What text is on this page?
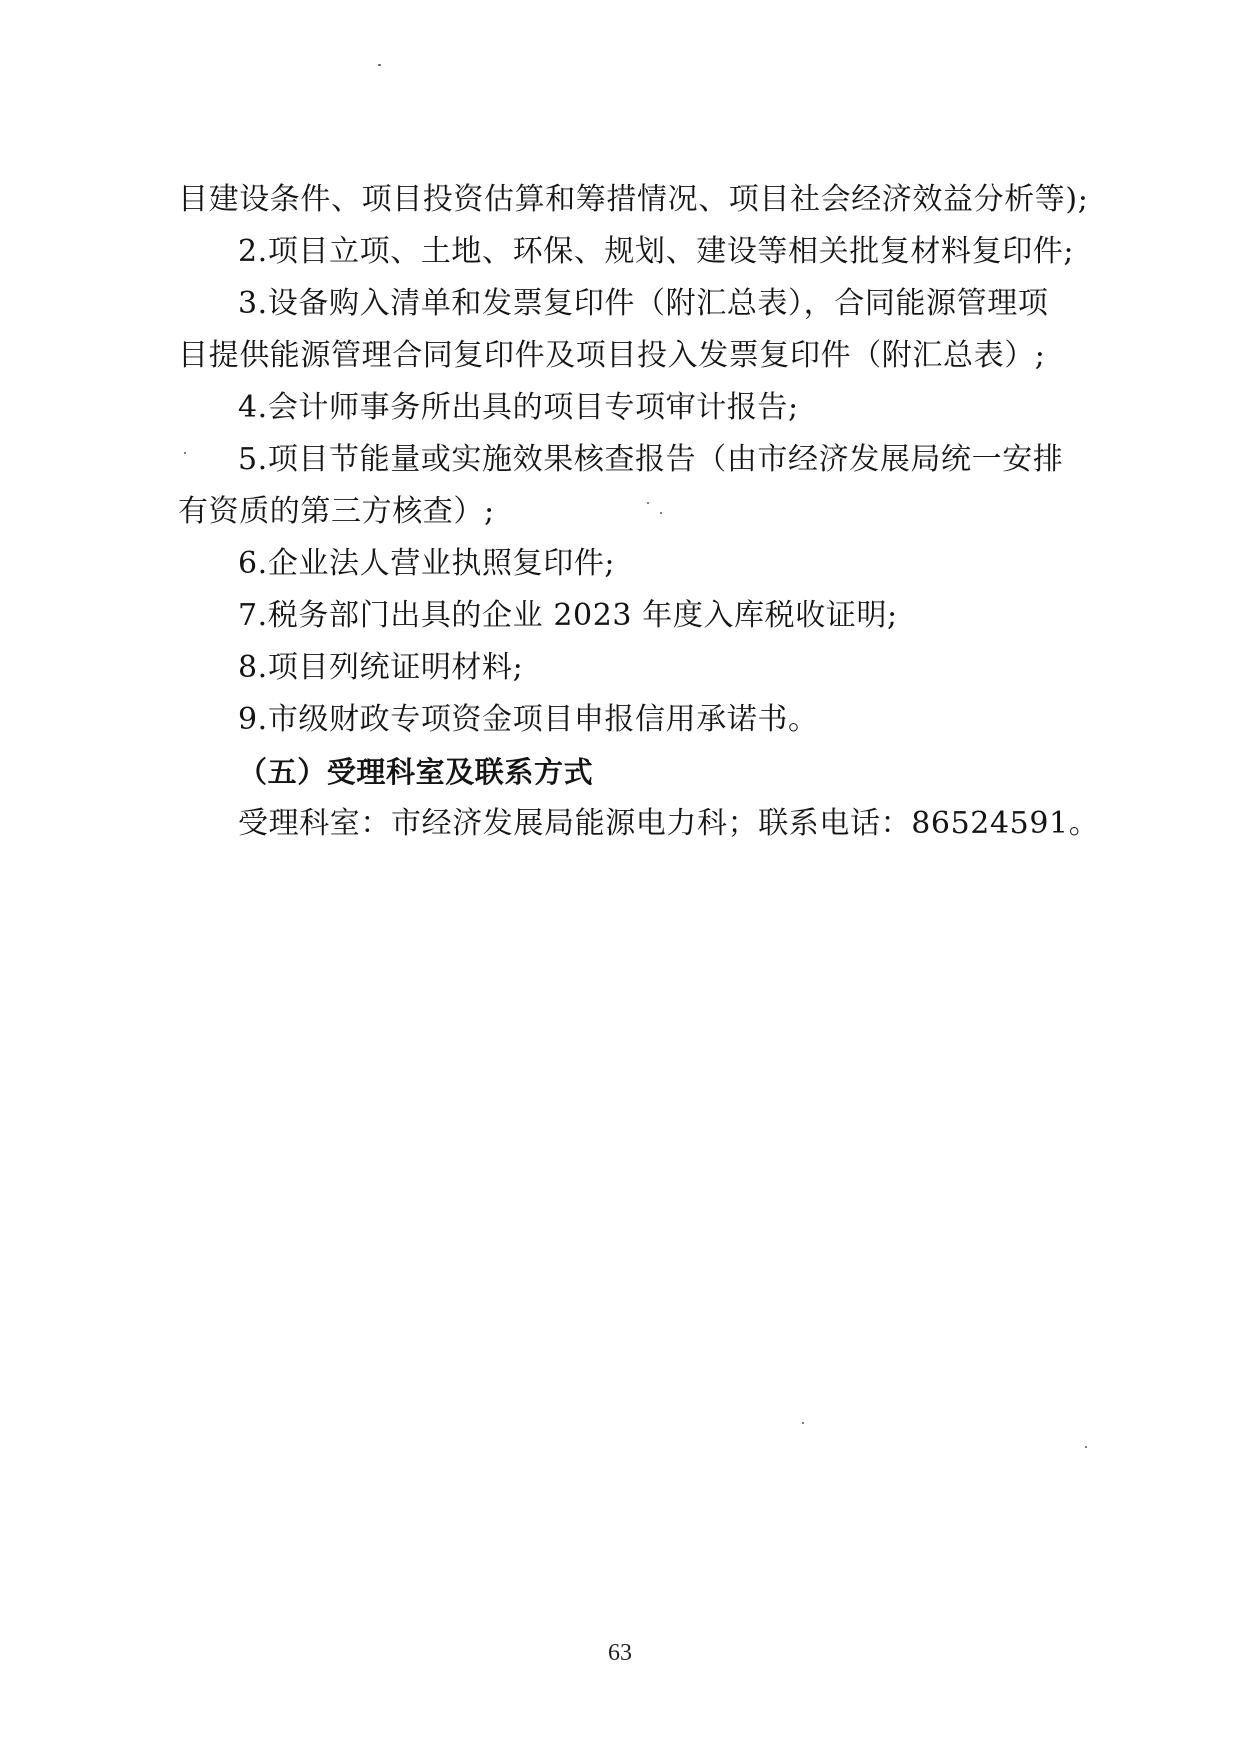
目建设条件、项目投资估算和筹措情况、项目社会经济效益分析等);
2.项目立项、土地、环保、规划、建设等相关批复材料复印件;
3.设备购入清单和发票复印件（附汇总表），合同能源管理项
目提供能源管理合同复印件及项目投入发票复印件（附汇总表）;
4.会计师事务所出具的项目专项审计报告;
5.项目节能量或实施效果核查报告（由市经济发展局统一安排
有资质的第三方核查）;
6.企业法人营业执照复印件;
7.税务部门出具的企业 2023 年度入库税收证明;
8.项目列统证明材料;
9.市级财政专项资金项目申报信用承诺书。
（五）受理科室及联系方式
受理科室：市经济发展局能源电力科；联系电话：86524591。
63
